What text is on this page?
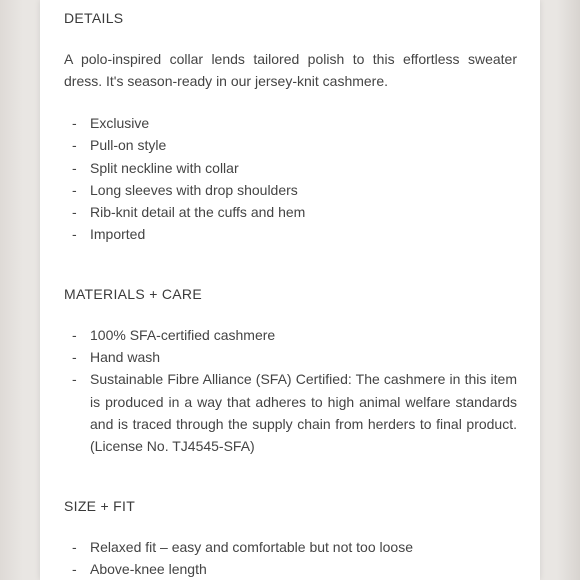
DETAILS

A polo-inspired collar lends tailored polish to this effortless sweater dress. It's season-ready in our jersey-knit cashmere.

- Exclusive
- Pull-on style
- Split neckline with collar
- Long sleeves with drop shoulders
- Rib-knit detail at the cuffs and hem
- Imported
MATERIALS + CARE
- 100% SFA-certified cashmere
- Hand wash
- Sustainable Fibre Alliance (SFA) Certified: The cashmere in this item is produced in a way that adheres to high animal welfare standards and is traced through the supply chain from herders to final product. (License No. TJ4545-SFA)
SIZE + FIT
- Relaxed fit – easy and comfortable but not too loose
- Above-knee length
